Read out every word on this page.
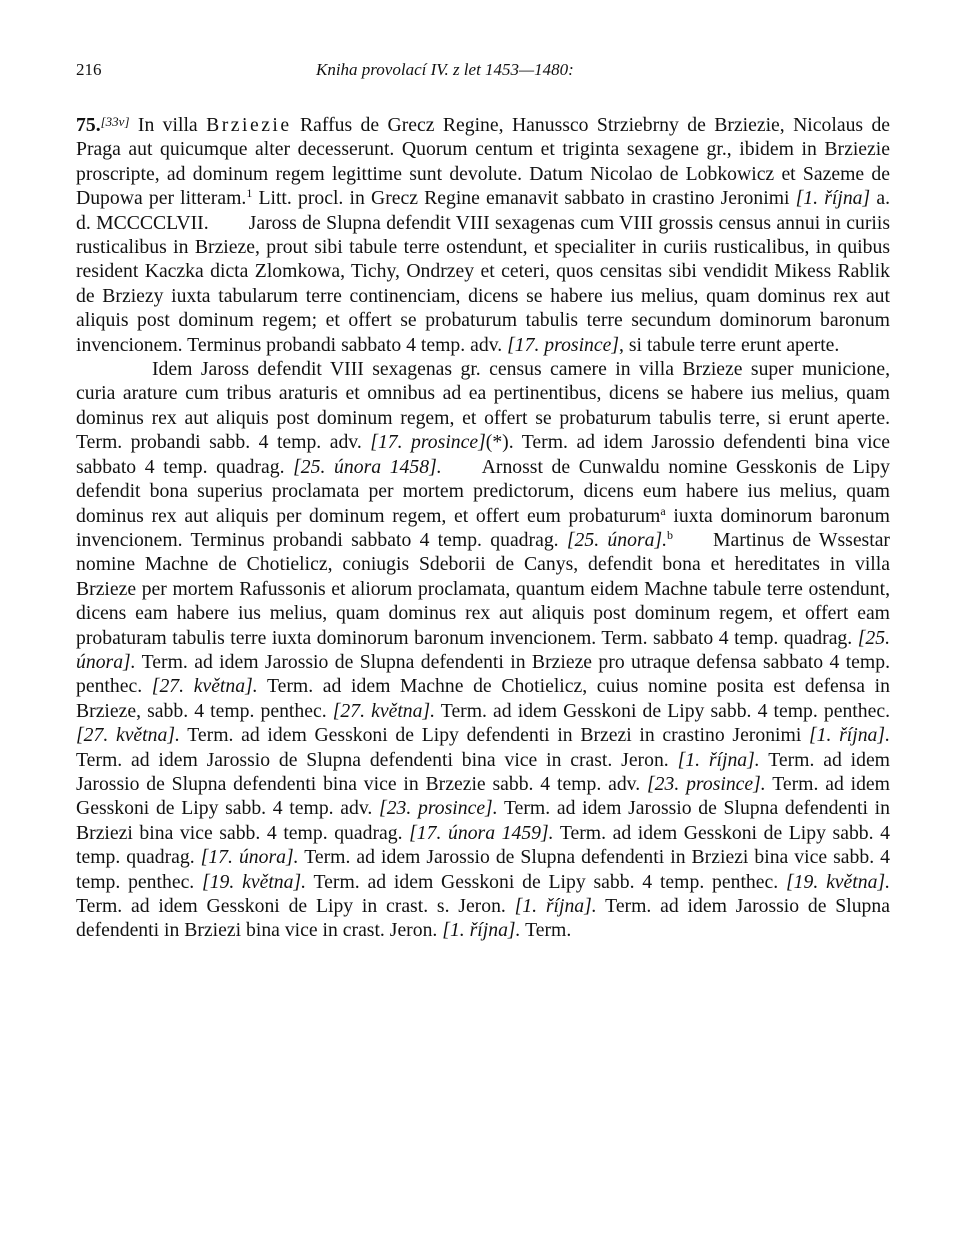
216	Kniha provolací IV. z let 1453—1480:

75.[33v] In villa Brziezie Raffus de Grecz Regine, Hanussco Strziebrny de Brziezie, Nicolaus de Praga aut quicumque alter decesserunt. Quorum centum et triginta sexagene gr., ibidem in Brziezie proscripte, ad dominum regem legittime sunt devolute. Datum Nicolao de Lobkowicz et Sazeme de Dupowa per litteram.$^1$ Litt. procl. in Grecz Regine emanavit sabbato in crastino Jeronimi [1. října] a. d. MCCCCLVII. Jaross de Slupna defendit VIII sexagenas cum VIII grossis census annui in curiis rusticalibus in Brzieze, prout sibi tabule terre ostendunt, et specialiter in curiis rusticalibus, in quibus resident Kaczka dicta Zlomkowa, Tichy, Ondrzey et ceteri, quos censitas sibi vendidit Mikess Rablik de Brziezy iuxta tabularum terre continenciam, dicens se habere ius melius, quam dominus rex aut aliquis post dominum regem; et offert se probaturum tabulis terre secundum dominorum baronum invencionem. Terminus probandi sabbato 4 temp. adv. [17. prosince], si tabule terre erunt aperte.

Idem Jaross defendit VIII sexagenas gr. census camere in villa Brzieze super municione, curia arature cum tribus araturis et omnibus ad ea pertinentibus, dicens se habere ius melius, quam dominus rex aut aliquis post dominum regem, et offert se probaturum tabulis terre, si erunt aperte. Term. probandi sabb. 4 temp. adv. [17. prosince](*). Term. ad idem Jarossio defendenti bina vice sabbato 4 temp. quadrag. [25. února 1458]. Arnosst de Cunwaldu nomine Gesskonis de Lipy defendit bona superius proclamata per mortem predictorum, dicens eum habere ius melius, quam dominus rex aut aliquis per dominum regem, et offert eum probaturum$^a$ iuxta dominorum baronum invencionem. Terminus probandi sabbato 4 temp. quadrag. [25. února].$^b$ Martinus de Wssestar nomine Machne de Chotielicz, coniugis Sdeborii de Canys, defendit bona et hereditates in villa Brzieze per mortem Rafussonis et aliorum proclamata, quantum eidem Machne tabule terre ostendunt, dicens eam habere ius melius, quam dominus rex aut aliquis post dominum regem, et offert eam probaturam tabulis terre iuxta dominorum baronum invencionem. Term. sabbato 4 temp. quadrag. [25. února]. Term. ad idem Jarossio de Slupna defendenti in Brzieze pro utraque defensa sabbato 4 temp. penthec. [27. května]. Term. ad idem Machne de Chotielicz, cuius nomine posita est defensa in Brzieze, sabb. 4 temp. penthec. [27. května]. Term. ad idem Gesskoni de Lipy sabb. 4 temp. penthec. [27. května]. Term. ad idem Gesskoni de Lipy defendenti in Brzezi in crastino Jeronimi [1. října]. Term. ad idem Jarossio de Slupna defendenti bina vice in crast. Jeron. [1. října]. Term. ad idem Jarossio de Slupna defendenti bina vice in Brzezie sabb. 4 temp. adv. [23. prosince]. Term. ad idem Gesskoni de Lipy sabb. 4 temp. adv. [23. prosince]. Term. ad idem Jarossio de Slupna defendenti in Brziezi bina vice sabb. 4 temp. quadrag. [17. února 1459]. Term. ad idem Gesskoni de Lipy sabb. 4 temp. quadrag. [17. února]. Term. ad idem Jarossio de Slupna defendenti in Brziezi bina vice sabb. 4 temp. penthec. [19. května]. Term. ad idem Gesskoni de Lipy sabb. 4 temp. penthec. [19. května]. Term. ad idem Gesskoni de Lipy in crast. s. Jeron. [1. října]. Term. ad idem Jarossio de Slupna defendenti in Brziezi bina vice in crast. Jeron. [1. října]. Term.
